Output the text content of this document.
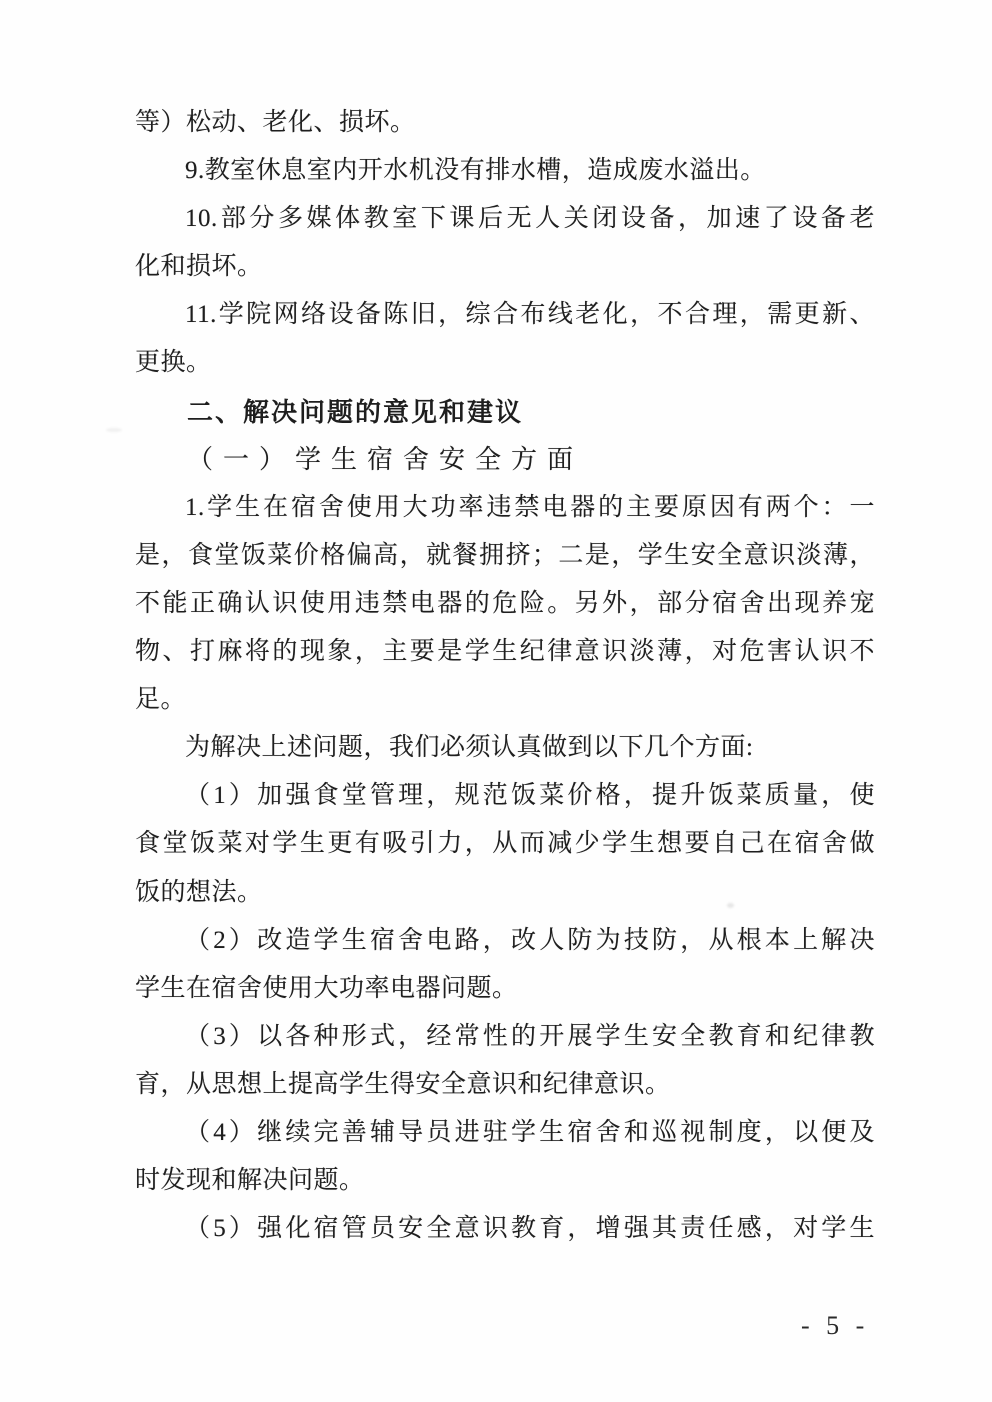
等）松动、老化、损坏。
9.教室休息室内开水机没有排水槽，造成废水溢出。
10.部分多媒体教室下课后无人关闭设备，加速了设备老
化和损坏。
11.学院网络设备陈旧，综合布线老化，不合理，需更新、
更换。
二、解决问题的意见和建议
（一）学生宿舍安全方面
1.学生在宿舍使用大功率违禁电器的主要原因有两个：一
是，食堂饭菜价格偏高，就餐拥挤；二是，学生安全意识淡薄，
不能正确认识使用违禁电器的危险。另外，部分宿舍出现养宠
物、打麻将的现象，主要是学生纪律意识淡薄，对危害认识不
足。
为解决上述问题，我们必须认真做到以下几个方面:
（1）加强食堂管理，规范饭菜价格，提升饭菜质量，使
食堂饭菜对学生更有吸引力，从而减少学生想要自己在宿舍做
饭的想法。
（2）改造学生宿舍电路，改人防为技防，从根本上解决
学生在宿舍使用大功率电器问题。
（3）以各种形式，经常性的开展学生安全教育和纪律教
育，从思想上提高学生得安全意识和纪律意识。
（4）继续完善辅导员进驻学生宿舍和巡视制度，以便及
时发现和解决问题。
（5）强化宿管员安全意识教育，增强其责任感，对学生
- 5 -
